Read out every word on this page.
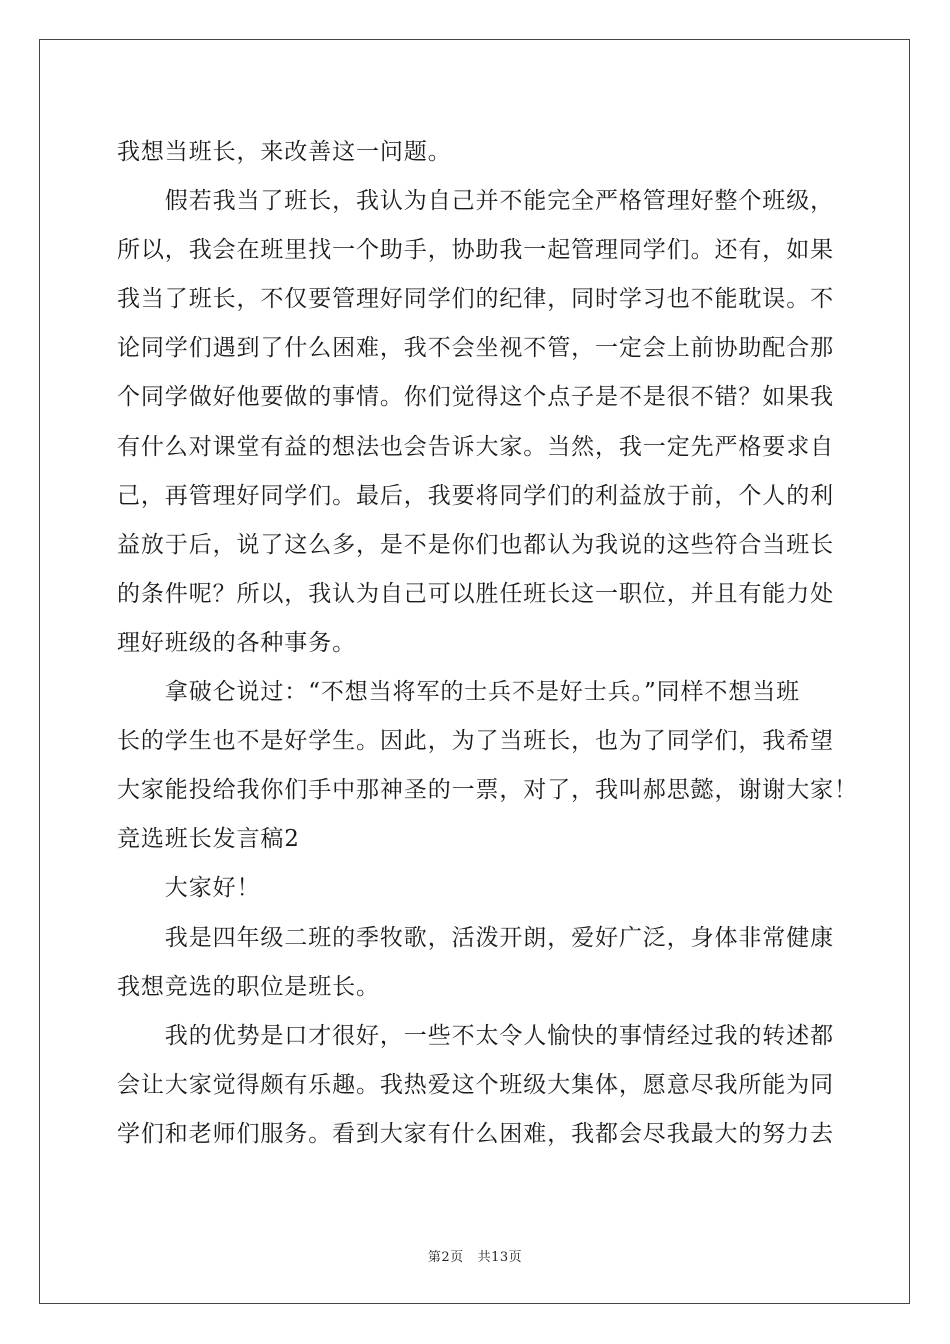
我想当班长，来改善这一问题。
　　假若我当了班长，我认为自己并不能完全严格管理好整个班级，
所以，我会在班里找一个助手，协助我一起管理同学们。还有，如果
我当了班长，不仅要管理好同学们的纪律，同时学习也不能耽误。不
论同学们遇到了什么困难，我不会坐视不管，一定会上前协助配合那
个同学做好他要做的事情。你们觉得这个点子是不是很不错？如果我
有什么对课堂有益的想法也会告诉大家。当然，我一定先严格要求自
己，再管理好同学们。最后，我要将同学们的利益放于前，个人的利
益放于后，说了这么多，是不是你们也都认为我说的这些符合当班长
的条件呢？所以，我认为自己可以胜任班长这一职位，并且有能力处
理好班级的各种事务。
　　拿破仑说过：“不想当将军的士兵不是好士兵。”同样不想当班
长的学生也不是好学生。因此，为了当班长，也为了同学们，我希望
大家能投给我你们手中那神圣的一票，对了，我叫郝思懿，谢谢大家！
竞选班长发言稿2
　　大家好！
　　我是四年级二班的季牧歌，活泼开朗，爱好广泛，身体非常健康
我想竞选的职位是班长。
　　我的优势是口才很好，一些不太令人愉快的事情经过我的转述都
会让大家觉得颇有乐趣。我热爱这个班级大集体，愿意尽我所能为同
学们和老师们服务。看到大家有什么困难，我都会尽我最大的努力去
第2页 共13页
